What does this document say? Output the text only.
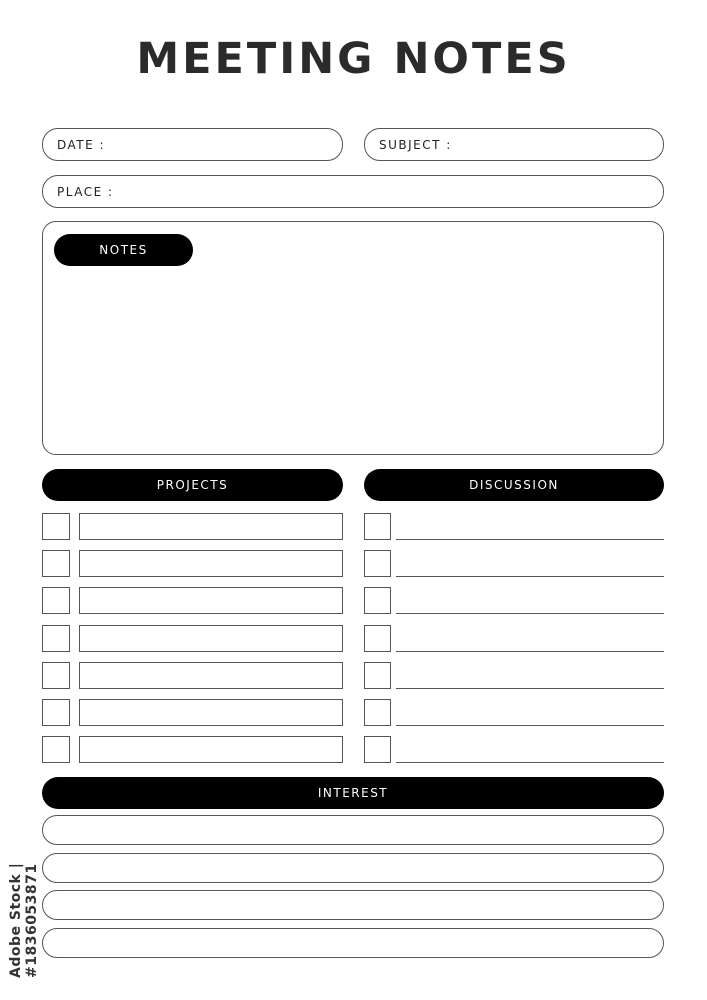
MEETING NOTES
DATE :	SUBJECT :
PLACE :
NOTES
PROJECTS	DISCUSSION
INTEREST
Adobe Stock | #1836053871
